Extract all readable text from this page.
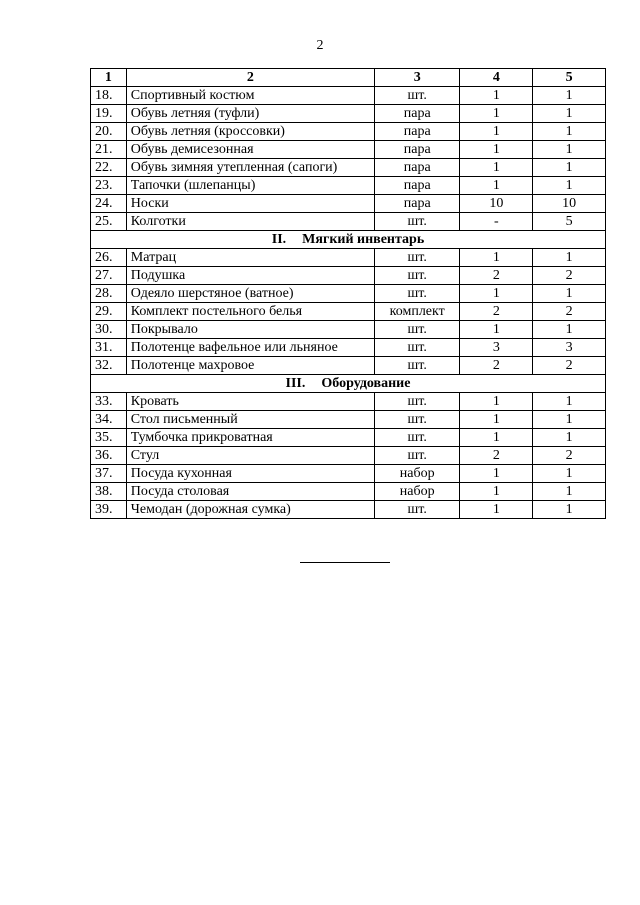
2
1	2	3	4	5
18.	Спортивный костюм	шт.	1	1
19.	Обувь летняя (туфли)	пара	1	1
20.	Обувь летняя (кроссовки)	пара	1	1
21.	Обувь демисезонная	пара	1	1
22.	Обувь зимняя утепленная (сапоги)	пара	1	1
23.	Тапочки (шлепанцы)	пара	1	1
24.	Носки	пара	10	10
25.	Колготки	шт.	-	5
II. Мягкий инвентарь				
26.	Матрац	шт.	1	1
27.	Подушка	шт.	2	2
28.	Одеяло шерстяное (ватное)	шт.	1	1
29.	Комплект постельного белья	комплект	2	2
30.	Покрывало	шт.	1	1
31.	Полотенце вафельное или льняное	шт.	3	3
32.	Полотенце махровое	шт.	2	2
III. Оборудование				
33.	Кровать	шт.	1	1
34.	Стол письменный	шт.	1	1
35.	Тумбочка прикроватная	шт.	1	1
36.	Стул	шт.	2	2
37.	Посуда кухонная	набор	1	1
38.	Посуда столовая	набор	1	1
39.	Чемодан (дорожная сумка)	шт.	1	1
